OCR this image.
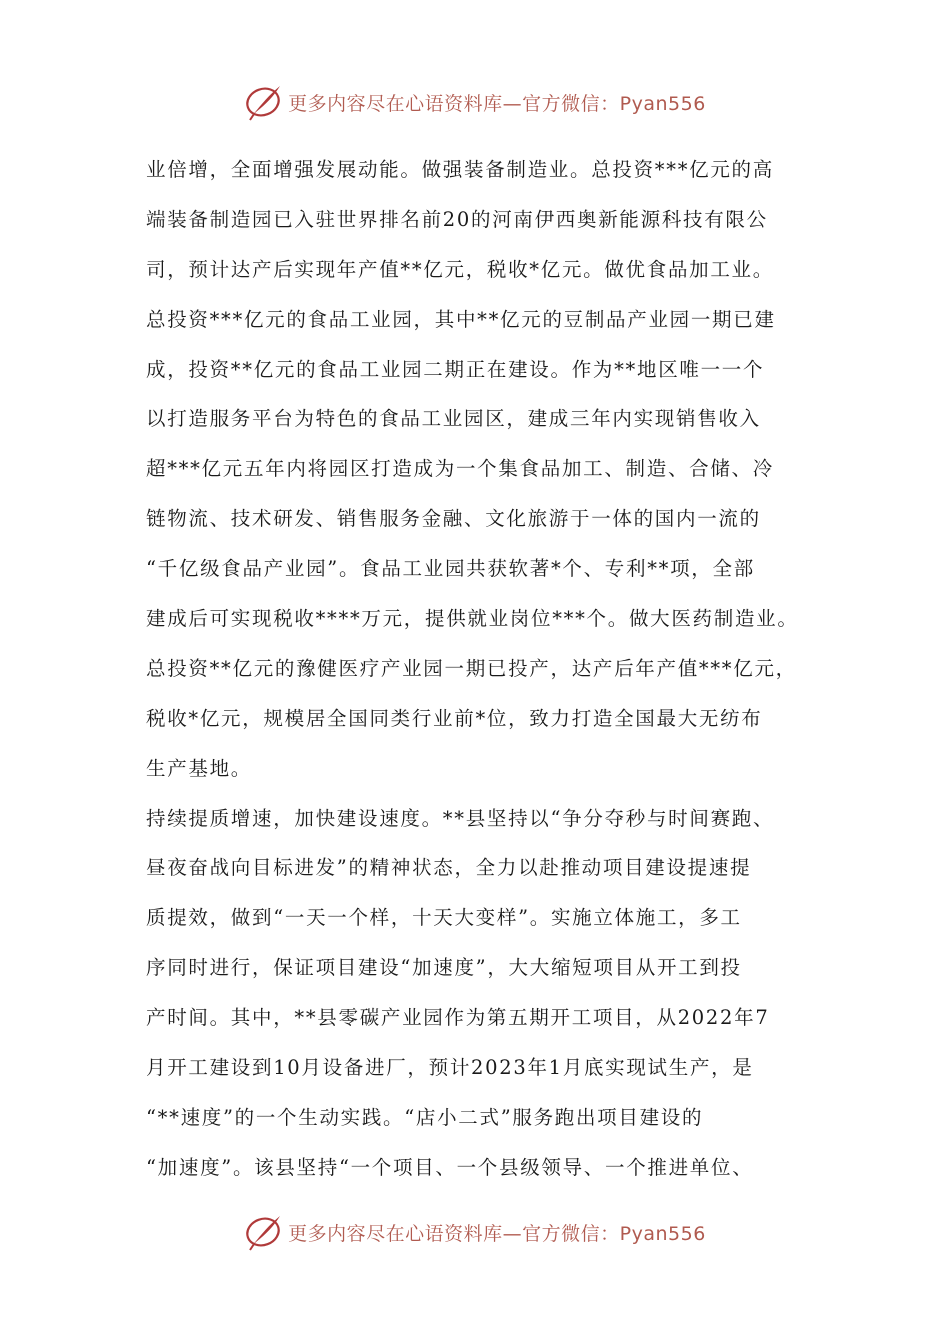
更多内容尽在心语资料库—官方微信：Pyan556
业倍增，全面增强发展动能。做强装备制造业。总投资***亿元的高
端装备制造园已入驻世界排名前20的河南伊西奥新能源科技有限公
司，预计达产后实现年产值**亿元，税收*亿元。做优食品加工业。
总投资***亿元的食品工业园，其中**亿元的豆制品产业园一期已建
成，投资**亿元的食品工业园二期正在建设。作为**地区唯一一个
以打造服务平台为特色的食品工业园区，建成三年内实现销售收入
超***亿元五年内将园区打造成为一个集食品加工、制造、合储、冷
链物流、技术研发、销售服务金融、文化旅游于一体的国内一流的
“千亿级食品产业园”。食品工业园共获软著*个、专利**项，全部
建成后可实现税收****万元，提供就业岗位***个。做大医药制造业。
总投资**亿元的豫健医疗产业园一期已投产，达产后年产值***亿元，
税收*亿元，规模居全国同类行业前*位，致力打造全国最大无纺布
生产基地。
持续提质增速，加快建设速度。**县坚持以“争分夺秒与时间赛跑、
昼夜奋战向目标进发”的精神状态，全力以赴推动项目建设提速提
质提效，做到“一天一个样，十天大变样”。实施立体施工，多工
序同时进行，保证项目建设“加速度”，大大缩短项目从开工到投
产时间。其中，**县零碳产业园作为第五期开工项目，从2022年7
月开工建设到10月设备进厂，预计2023年1月底实现试生产，是
“**速度”的一个生动实践。“店小二式”服务跑出项目建设的
“加速度”。该县坚持“一个项目、一个县级领导、一个推进单位、
更多内容尽在心语资料库—官方微信：Pyan556
